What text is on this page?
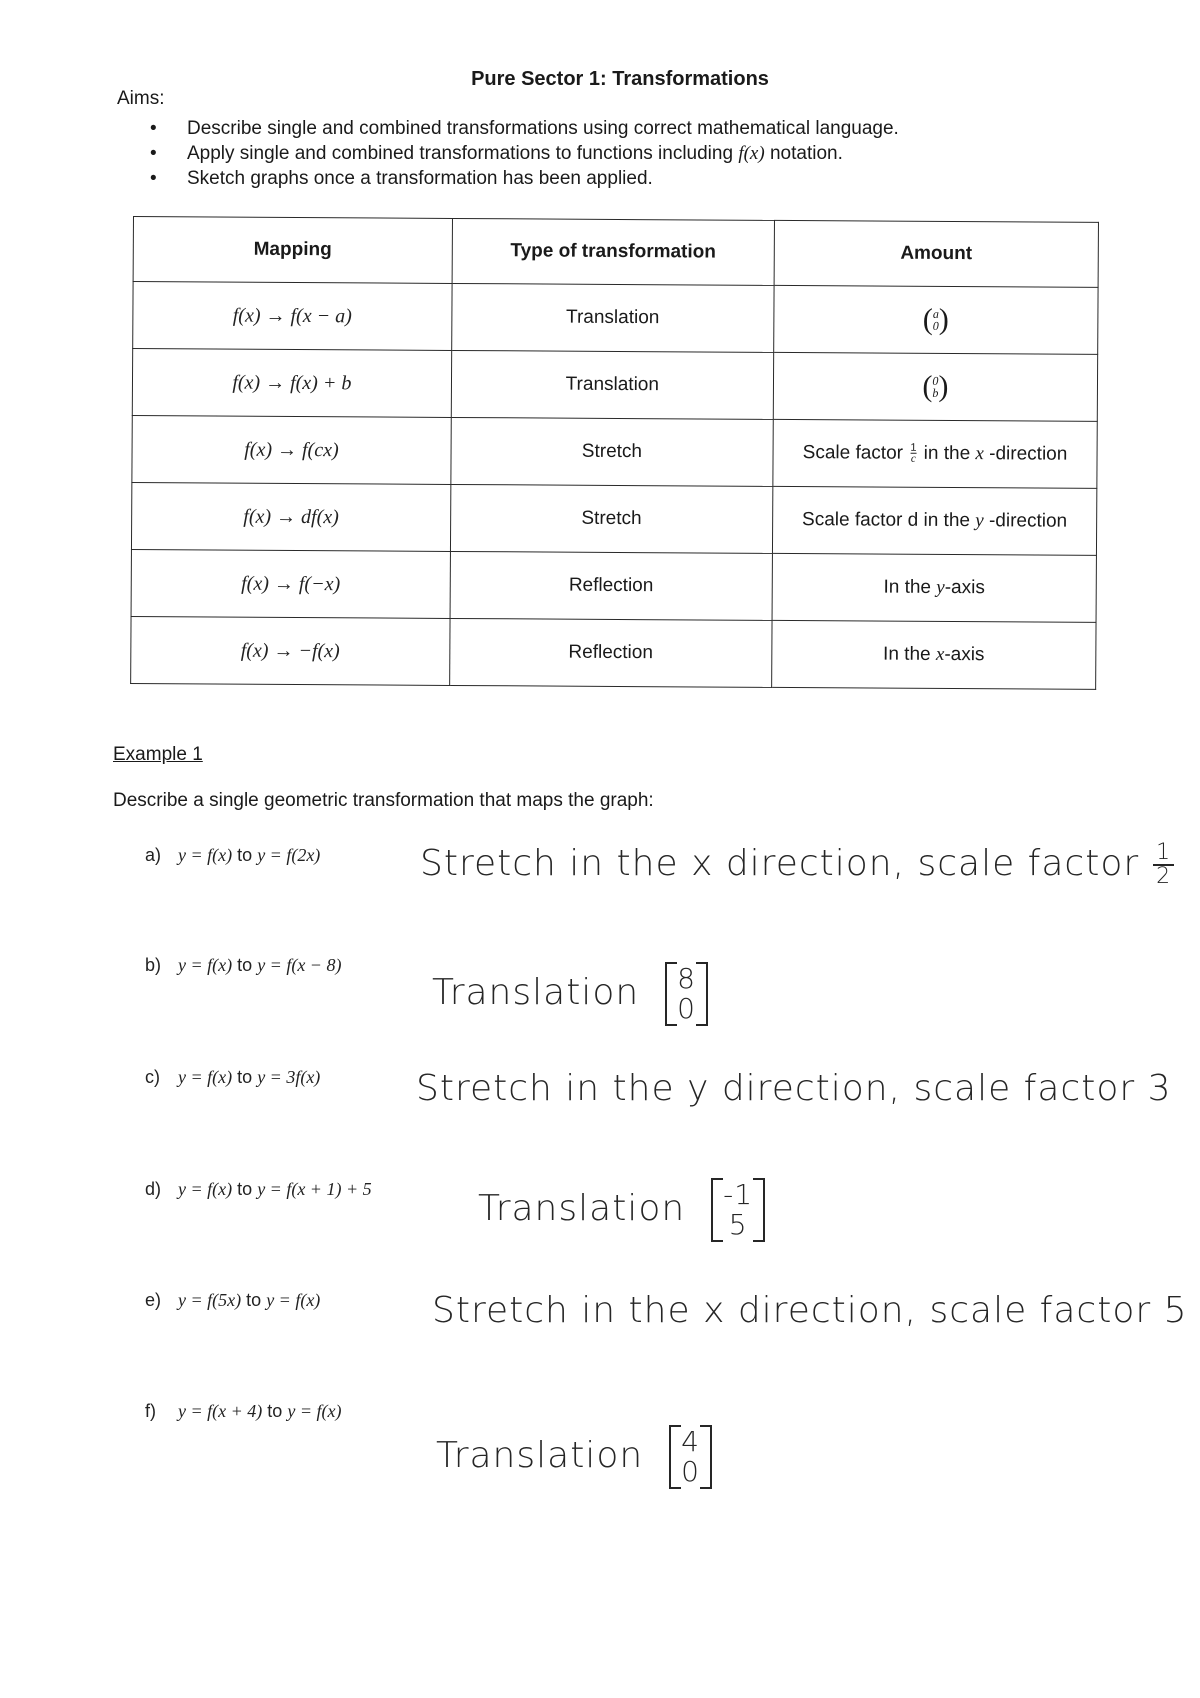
Pure Sector 1: Transformations
Aims:
• Describe single and combined transformations using correct mathematical language.
• Apply single and combined transformations to functions including f(x) notation.
• Sketch graphs once a transformation has been applied.
Mapping	Type of transformation	Amount
f(x) → f(x − a)	Translation	( a
0 )

f(x) → f(x) + b	Translation	( 0
b )

f(x) → f(cx)	Stretch	Scale factor $\frac{1}{c}$ in the x -direction
f(x) → df(x)	Stretch	Scale factor d in the y -direction
f(x) → f(−x)	Reflection	In the y-axis
f(x) → −f(x)	Reflection	In the x-axis
Example 1
Describe a single geometric transformation that maps the graph:
a) y = f(x) to y = f(2x)	Stretch in the x direction, scale factor $\frac{1}{2}$
b) y = f(x) to y = f(x − 8)
Translation 8
0
c) y = f(x) to y = 3f(x)	Stretch in the y direction, scale factor 3
d) y = f(x) to y = f(x + 1) + 5	Translation -1
5
e) y = f(5x) to y = f(x)	Stretch in the x direction, scale factor 5
f) y = f(x + 4) to y = f(x)
Translation 4
0
